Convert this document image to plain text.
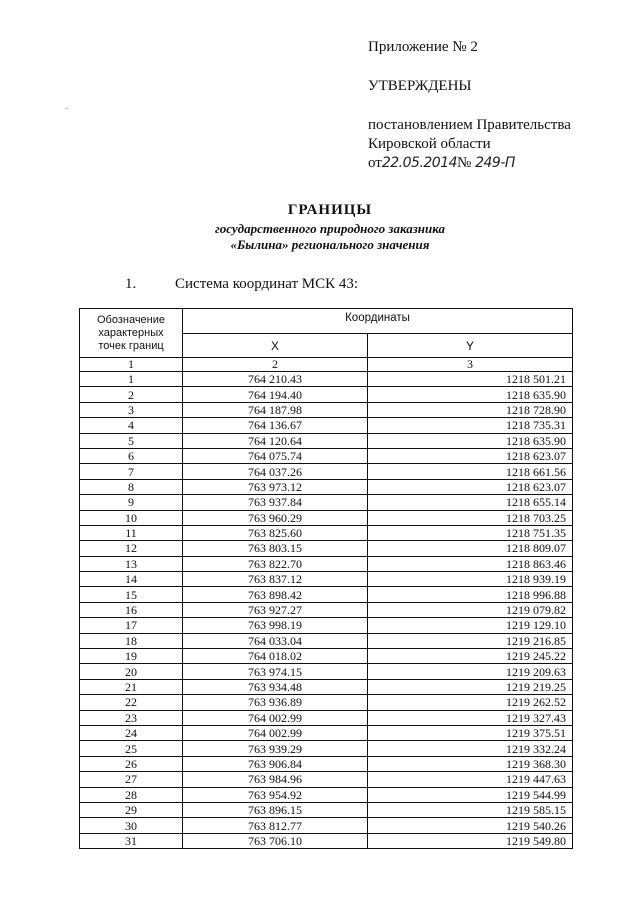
Приложение № 2
УТВЕРЖДЕНЫ
постановлением Правительства
Кировской области
от22.05.2014№ 249-П
ГРАНИЦЫ
государственного природного заказника
«Былина» регионального значения
1.	Система координат МСК 43:
Обозначение характерных точек границ	Координаты	
	X	Y
1	2	3
1	764 210.43	1218 501.21
2	764 194.40	1218 635.90
3	764 187.98	1218 728.90
4	764 136.67	1218 735.31
5	764 120.64	1218 635.90
6	764 075.74	1218 623.07
7	764 037.26	1218 661.56
8	763 973.12	1218 623.07
9	763 937.84	1218 655.14
10	763 960.29	1218 703.25
11	763 825.60	1218 751.35
12	763 803.15	1218 809.07
13	763 822.70	1218 863.46
14	763 837.12	1218 939.19
15	763 898.42	1218 996.88
16	763 927.27	1219 079.82
17	763 998.19	1219 129.10
18	764 033.04	1219 216.85
19	764 018.02	1219 245.22
20	763 974.15	1219 209.63
21	763 934.48	1219 219.25
22	763 936.89	1219 262.52
23	764 002.99	1219 327.43
24	764 002.99	1219 375.51
25	763 939.29	1219 332.24
26	763 906.84	1219 368.30
27	763 984.96	1219 447.63
28	763 954.92	1219 544.99
29	763 896.15	1219 585.15
30	763 812.77	1219 540.26
31	763 706.10	1219 549.80
